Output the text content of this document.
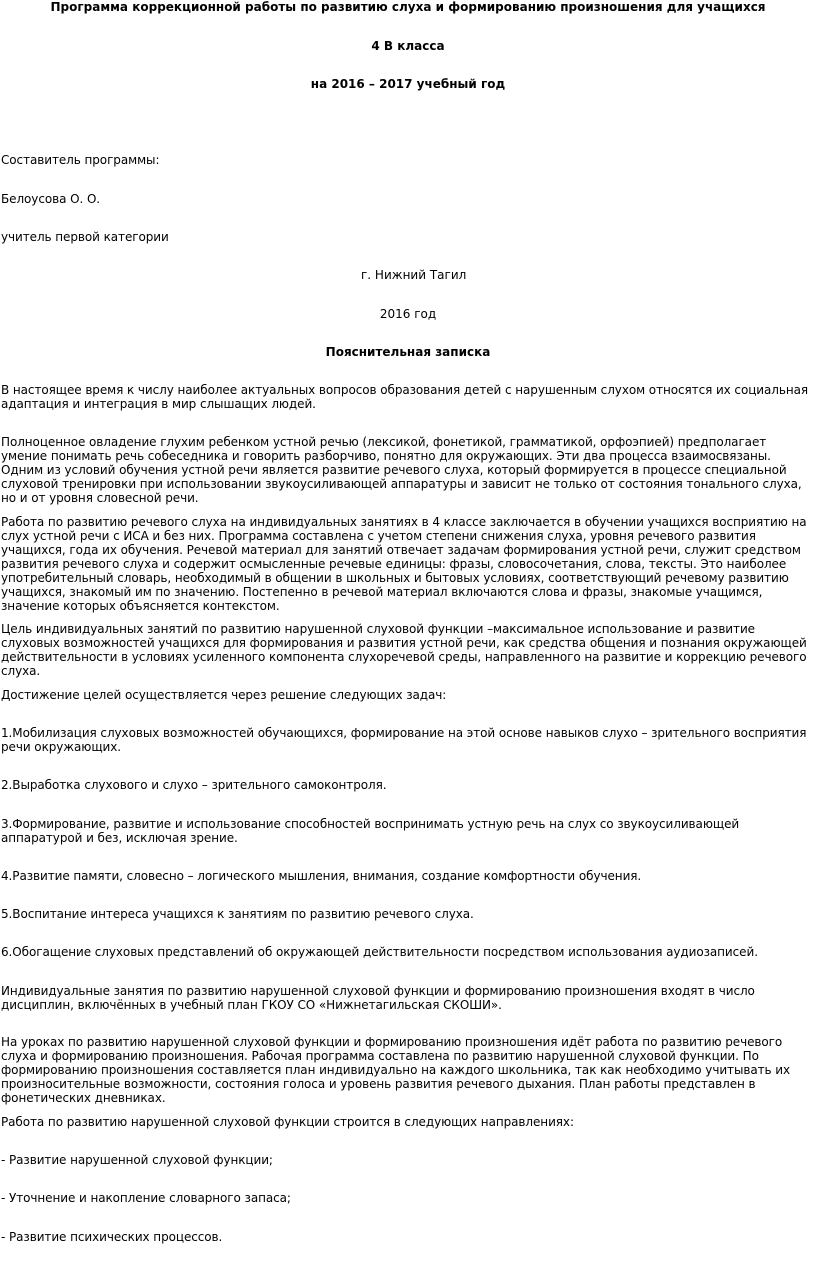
Программа коррекционной работы по развитию слуха и формированию произношения для учащихся

4 В класса

на 2016 – 2017 учебный год

Составитель программы:

Белоусова О. О.

учитель первой категории

г. Нижний Тагил

2016 год

Пояснительная записка

В настоящее время к числу наиболее актуальных вопросов образования детей с нарушенным слухом относятся их социальная адаптация и интеграция в мир слышащих людей.

Полноценное овладение глухим ребенком устной речью (лексикой, фонетикой, грамматикой, орфоэпией) предполагает умение понимать речь собеседника и говорить разборчиво, понятно для окружающих. Эти два процесса взаимосвязаны. Одним из условий обучения устной речи является развитие речевого слуха, который формируется в процессе специальной слуховой тренировки при использовании звукоусиливающей аппаратуры и зависит не только от состояния тонального слуха, но и от уровня словесной речи.

Работа по развитию речевого слуха на индивидуальных занятиях в 4 классе заключается в обучении учащихся восприятию на слух устной речи с ИСА и без них. Программа составлена с учетом степени снижения слуха, уровня речевого развития учащихся, года их обучения. Речевой материал для занятий отвечает задачам формирования устной речи, служит средством развития речевого слуха и содержит осмысленные речевые единицы: фразы, словосочетания, слова, тексты. Это наиболее употребительный словарь, необходимый в общении в школьных и бытовых условиях, соответствующий речевому развитию учащихся, знакомый им по значению. Постепенно в речевой материал включаются слова и фразы, знакомые учащимся, значение которых объясняется контекстом.

Цель индивидуальных занятий по развитию нарушенной слуховой функции –максимальное использование и развитие слуховых возможностей учащихся для формирования и развития устной речи, как средства общения и познания окружающей действительности в условиях усиленного компонента слухоречевой среды, направленного на развитие и коррекцию речевого слуха.

Достижение целей осуществляется через решение следующих задач:

1.Мобилизация слуховых возможностей обучающихся, формирование на этой основе навыков слухо – зрительного восприятия речи окружающих.

2.Выработка слухового и слухо – зрительного самоконтроля.

3.Формирование, развитие и использование способностей воспринимать устную речь на слух со звукоусиливающей аппаратурой и без, исключая зрение.

4.Развитие памяти, словесно – логического мышления, внимания, создание комфортности обучения.

5.Воспитание интереса учащихся к занятиям по развитию речевого слуха.

6.Обогащение слуховых представлений об окружающей действительности посредством использования аудиозаписей.

Индивидуальные занятия по развитию нарушенной слуховой функции и формированию произношения входят в число дисциплин, включённых в учебный план ГКОУ СО «Нижнетагильская СКОШИ».

На уроках по развитию нарушенной слуховой функции и формированию произношения идёт работа по развитию речевого слуха и формированию произношения. Рабочая программа составлена по развитию нарушенной слуховой функции. По формированию произношения составляется план индивидуально на каждого школьника, так как необходимо учитывать их произносительные возможности, состояния голоса и уровень развития речевого дыхания. План работы представлен в фонетических дневниках.

Работа по развитию нарушенной слуховой функции строится в следующих направлениях:

- Развитие нарушенной слуховой функции;

- Уточнение и накопление словарного запаса;

- Развитие психических процессов.
